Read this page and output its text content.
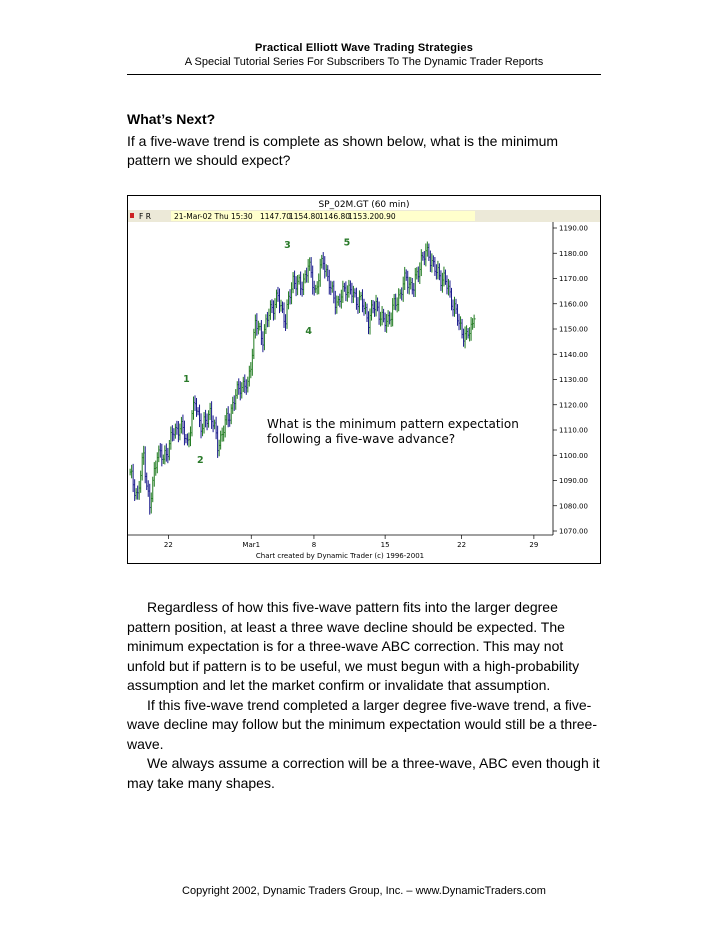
Practical Elliott Wave Trading Strategies
A Special Tutorial Series For Subscribers To The Dynamic Trader Reports
What’s Next?
If a five-wave trend is complete as shown below, what is the minimum pattern we should expect?
SP_02M.GT (60 min)
F R	21-Mar-02 Thu 15:30 1147.70
1154.80
1146.80
1153.20 0.90
1070.00
1080.00
1090.00
1100.00
1110.00
1120.00
1130.00
1140.00
1150.00
1160.00
1170.00
1180.00
1190.00
22	Mar1	8	15	22	29
1
2
3
4
5
What is the minimum pattern expectation
following a five-wave advance?
Chart created by Dynamic Trader (c) 1996-2001

Regardless of how this five-wave pattern fits into the larger degree pattern position, at least a three wave decline should be expected. The minimum expectation is for a three-wave ABC correction. This may not unfold but if pattern is to be useful, we must begun with a high-probability assumption and let the market confirm or invalidate that assumption.

If this five-wave trend completed a larger degree five-wave trend, a five-wave decline may follow but the minimum expectation would still be a three-wave.

We always assume a correction will be a three-wave, ABC even though it may take many shapes.

Copyright 2002, Dynamic Traders Group, Inc. – www.DynamicTraders.com
